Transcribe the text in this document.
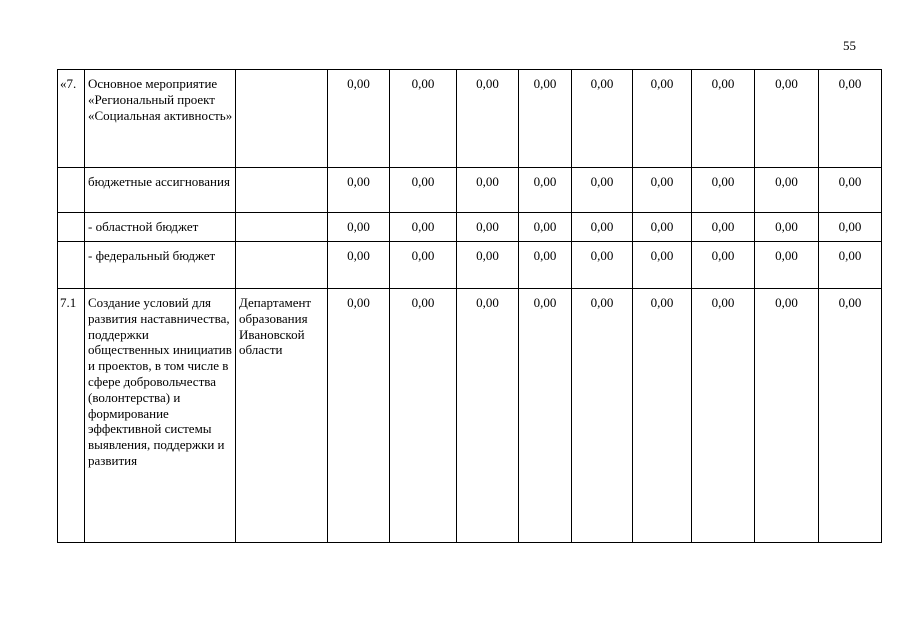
55
«7.	Основное мероприятие «Региональный проект «Социальная активность»		0,00	0,00	0,00	0,00	0,00	0,00	0,00	0,00	0,00
	бюджетные ассигнования		0,00	0,00	0,00	0,00	0,00	0,00	0,00	0,00	0,00
	- областной бюджет		0,00	0,00	0,00	0,00	0,00	0,00	0,00	0,00	0,00
	- федеральный бюджет		0,00	0,00	0,00	0,00	0,00	0,00	0,00	0,00	0,00
7.1	Создание условий для развития наставничества, поддержки общественных инициатив и проектов, в том числе в сфере добровольчества (волонтерства) и формирование эффективной системы выявления, поддержки и развития	Департамент образования Ивановской области	0,00	0,00	0,00	0,00	0,00	0,00	0,00	0,00	0,00
